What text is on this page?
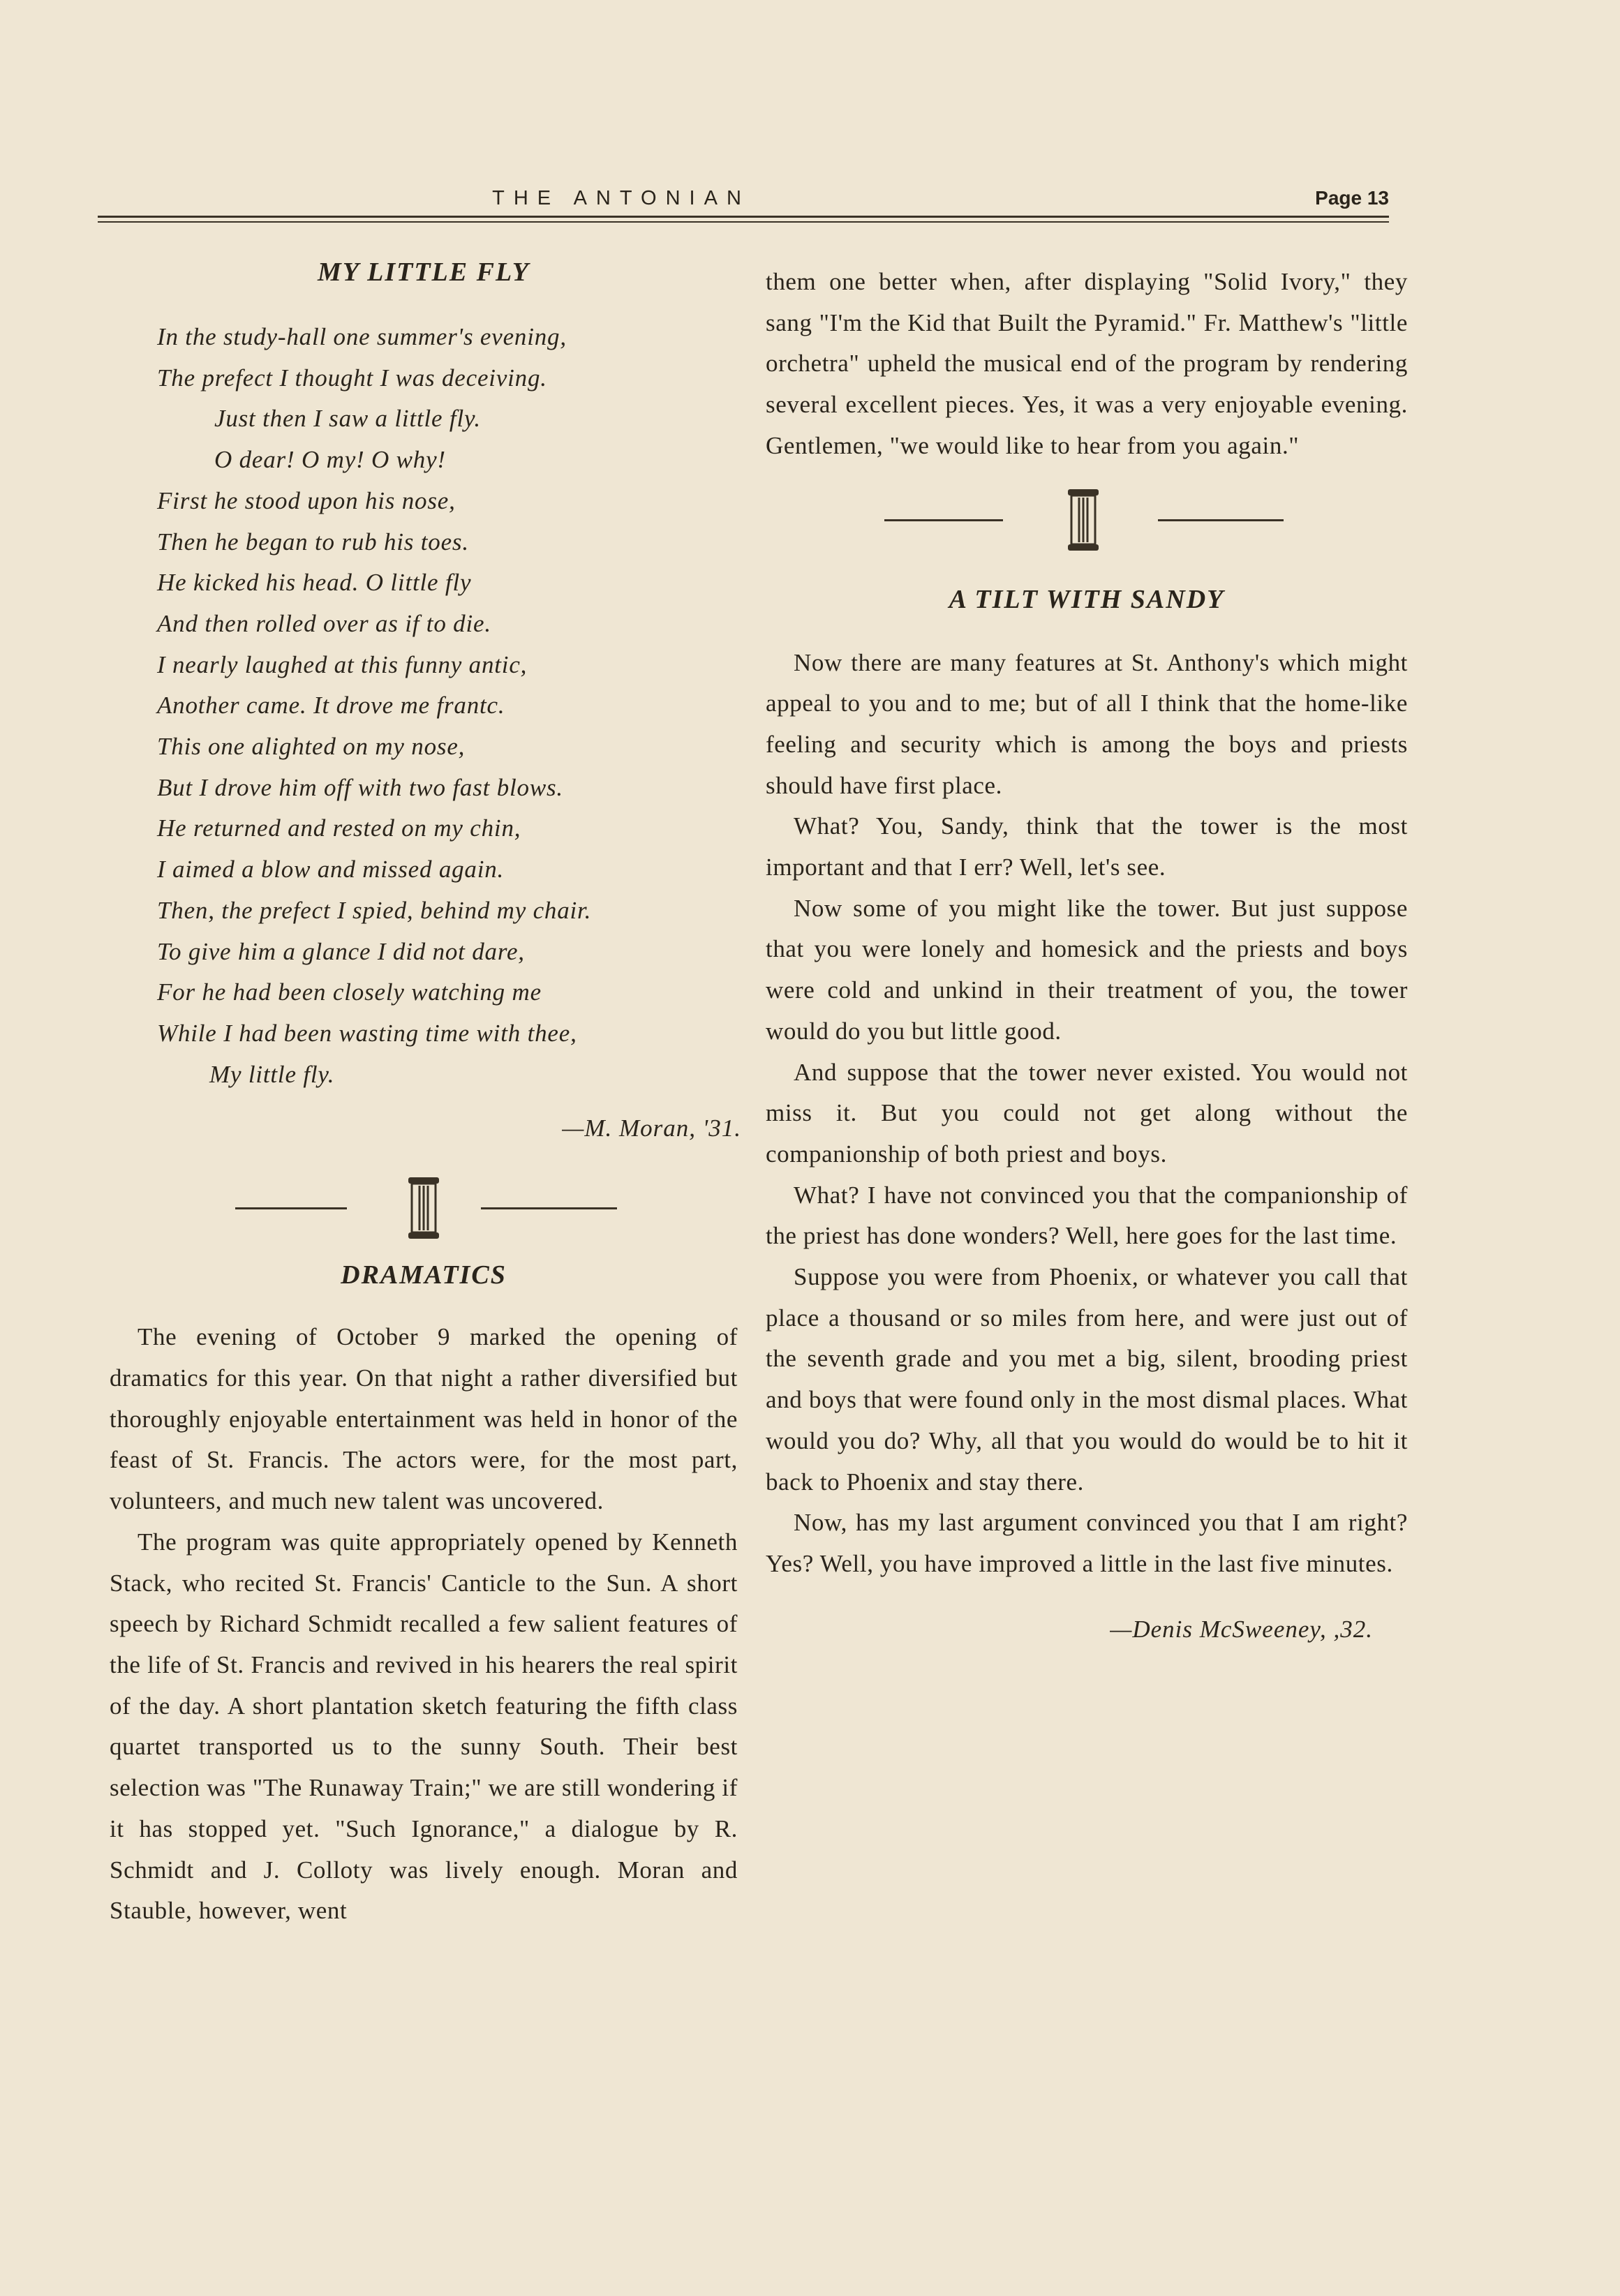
THE ANTONIAN	Page 13
MY LITTLE FLY
In the study-hall one summer's evening,
The prefect I thought I was deceiving.
Just then I saw a little fly.
O dear! O my! O why!
First he stood upon his nose,
Then he began to rub his toes.
He kicked his head. O little fly
And then rolled over as if to die.
I nearly laughed at this funny antic,
Another came. It drove me frantc.
This one alighted on my nose,
But I drove him off with two fast blows.
He returned and rested on my chin,
I aimed a blow and missed again.
Then, the prefect I spied, behind my chair.
To give him a glance I did not dare,
For he had been closely watching me
While I had been wasting time with thee,
My little fly.
—M. Moran, '31.
DRAMATICS

The evening of October 9 marked the opening of dramatics for this year. On that night a rather diversified but thoroughly enjoyable entertainment was held in honor of the feast of St. Francis. The actors were, for the most part, volunteers, and much new talent was uncovered.

The program was quite appropriately opened by Kenneth Stack, who recited St. Francis' Canticle to the Sun. A short speech by Richard Schmidt recalled a few salient features of the life of St. Francis and revived in his hearers the real spirit of the day. A short plantation sketch featuring the fifth class quartet transported us to the sunny South. Their best selection was "The Runaway Train;" we are still wondering if it has stopped yet. "Such Ignorance," a dialogue by R. Schmidt and J. Colloty was lively enough. Moran and Stauble, however, went

them one better when, after displaying "Solid Ivory," they sang "I'm the Kid that Built the Pyramid." Fr. Matthew's "little orchetra" upheld the musical end of the program by rendering several excellent pieces. Yes, it was a very enjoyable evening. Gentlemen, "we would like to hear from you again."

A TILT WITH SANDY

Now there are many features at St. Anthony's which might appeal to you and to me; but of all I think that the home-like feeling and security which is among the boys and priests should have first place.

What? You, Sandy, think that the tower is the most important and that I err? Well, let's see.

Now some of you might like the tower. But just suppose that you were lonely and homesick and the priests and boys were cold and unkind in their treatment of you, the tower would do you but little good.

And suppose that the tower never existed. You would not miss it. But you could not get along without the companionship of both priest and boys.

What? I have not convinced you that the companionship of the priest has done wonders? Well, here goes for the last time.

Suppose you were from Phoenix, or whatever you call that place a thousand or so miles from here, and were just out of the seventh grade and you met a big, silent, brooding priest and boys that were found only in the most dismal places. What would you do? Why, all that you would do would be to hit it back to Phoenix and stay there.

Now, has my last argument convinced you that I am right? Yes? Well, you have improved a little in the last five minutes.

—Denis McSweeney, ,32.
